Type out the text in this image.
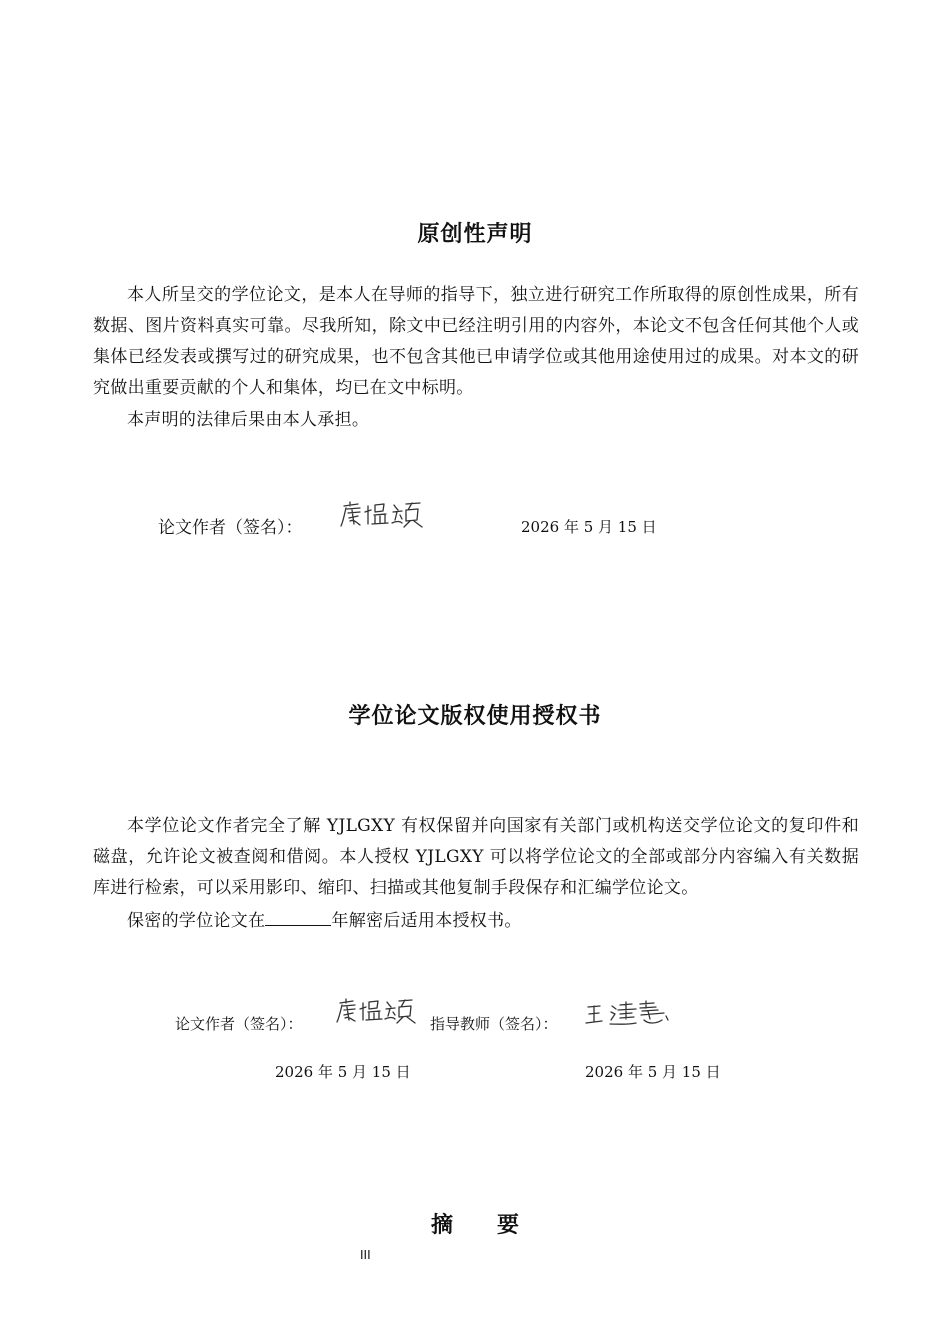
原创性声明

本人所呈交的学位论文，是本人在导师的指导下，独立进行研究工作所取得的原创性成果，所有数据、图片资料真实可靠。尽我所知，除文中已经注明引用的内容外，本论文不包含任何其他个人或集体已经发表或撰写过的研究成果，也不包含其他已申请学位或其他用途使用过的成果。对本文的研究做出重要贡献的个人和集体，均已在文中标明。

本声明的法律后果由本人承担。

论文作者（签名）：	2026 年 5 月 15 日
学位论文版权使用授权书

本学位论文作者完全了解 YJLGXY 有权保留并向国家有关部门或机构送交学位论文的复印件和磁盘，允许论文被查阅和借阅。本人授权 YJLGXY 可以将学位论文的全部或部分内容编入有关数据库进行检索，可以采用影印、缩印、扫描或其他复制手段保存和汇编学位论文。

保密的学位论文在	年解密后适用本授权书。

论文作者（签名）：	指导教师（签名）：
2026 年 5 月 15 日	2026 年 5 月 15 日
摘　　要
III
